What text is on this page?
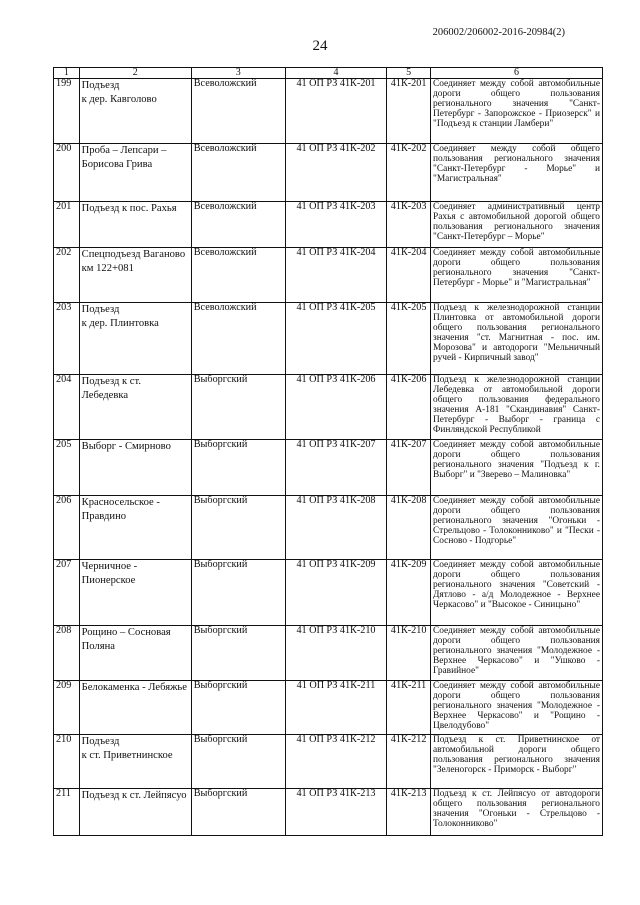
206002/206002-2016-20984(2)
24
1	2	3	4	5	6
199	Подъезд
к дер. Кавголово	Всеволожский	41 ОП РЗ 41К-201	41К-201	Соединяет между собой автомобильные дороги общего пользования регионального значения "Санкт-Петербург - Запорожское - Приозерск" и "Подъезд к станции Ламбери"
200	Проба – Лепсари –
Борисова Грива	Всеволожский	41 ОП РЗ 41К-202	41К-202	Соединяет между собой общего пользования регионального значения "Санкт-Петербург - Морье" и "Магистральная"
201	Подъезд к пос. Рахья	Всеволожский	41 ОП РЗ 41К-203	41К-203	Соединяет административный центр Рахья с автомобильной дорогой общего пользования регионального значения "Санкт-Петербург – Морье"
202	Спецподъезд Ваганово
км 122+081	Всеволожский	41 ОП РЗ 41К-204	41К-204	Соединяет между собой автомобильные дороги общего пользования регионального значения "Санкт-Петербург - Морье" и "Магистральная"
203	Подъезд
к дер. Плинтовка	Всеволожский	41 ОП РЗ 41К-205	41К-205	Подъезд к железнодорожной станции Плинтовка от автомобильной дороги общего пользования регионального значения "ст. Магнитная - пос. им. Морозова" и автодороги "Мельничный ручей - Кирпичный завод"
204	Подъезд к ст. Лебедевка	Выборгский	41 ОП РЗ 41К-206	41К-206	Подъезд к железнодорожной станции Лебедевка от автомобильной дороги общего пользования федерального значения А-181 "Скандинавия" Санкт-Петербург - Выборг - граница с Финляндской Республикой
205	Выборг - Смирново	Выборгский	41 ОП РЗ 41К-207	41К-207	Соединяет между собой автомобильные дороги общего пользования регионального значения "Подъезд к г. Выборг" и "Зверево – Малиновка"
206	Красносельское -
Правдино	Выборгский	41 ОП РЗ 41К-208	41К-208	Соединяет между собой автомобильные дороги общего пользования регионального значения "Огоньки - Стрельцово - Толоконниково" и "Пески - Сосново - Подгорье"
207	Черничное -
Пионерское	Выборгский	41 ОП РЗ 41К-209	41К-209	Соединяет между собой автомобильные дороги общего пользования регионального значения "Советский - Дятлово - а/д Молодежное - Верхнее Черкасово" и "Высокое - Синицыно"
208	Рощино – Сосновая
Поляна	Выборгский	41 ОП РЗ 41К-210	41К-210	Соединяет между собой автомобильные дороги общего пользования регионального значения "Молодежное - Верхнее Черкасово" и "Ушково - Гравийное"
209	Белокаменка - Лебяжье	Выборгский	41 ОП РЗ 41К-211	41К-211	Соединяет между собой автомобильные дороги общего пользования регионального значения "Молодежное - Верхнее Черкасово" и "Рощино - Цвелодубово"
210	Подъезд
к ст. Приветнинское	Выборгский	41 ОП РЗ 41К-212	41К-212	Подъезд к ст. Приветнинское от автомобильной дороги общего пользования регионального значения "Зеленогорск - Приморск - Выборг"
211	Подъезд к ст. Лейпясуо	Выборгский	41 ОП РЗ 41К-213	41К-213	Подъезд к ст. Лейпясуо от автодороги общего пользования регионального значения "Огоньки - Стрельцово - Толоконниково"
